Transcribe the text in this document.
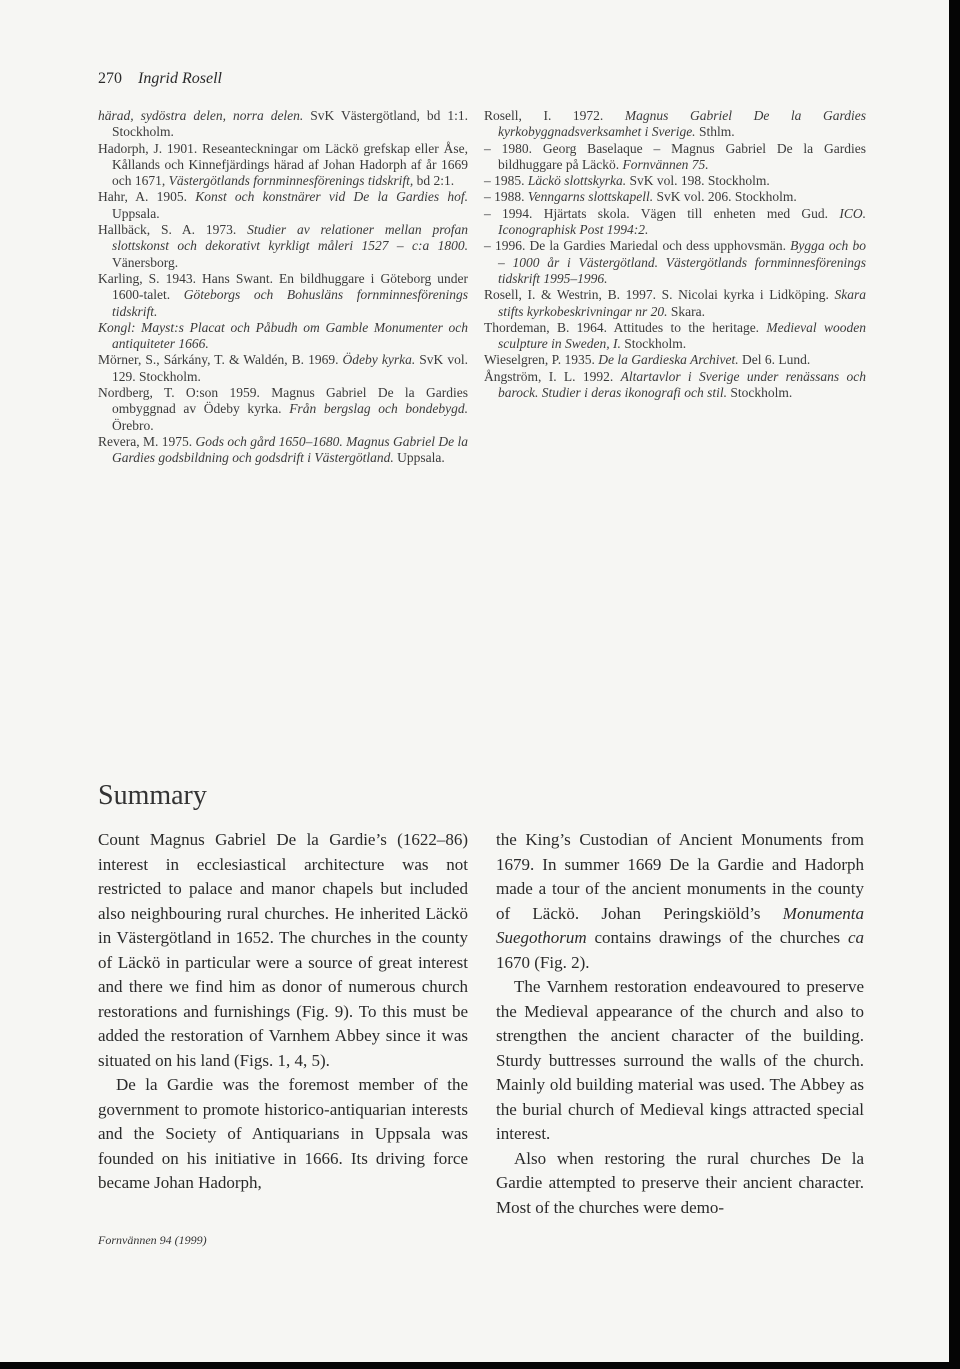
270 Ingrid Rosell
härad, sydöstra delen, norra delen. SvK Västergötland, bd 1:1. Stockholm.
Hadorph, J. 1901. Reseanteckningar om Läckö grefskap eller Åse, Kållands och Kinnefjärdings härad af Johan Hadorph af år 1669 och 1671, Västergötlands fornminnesförenings tidskrift, bd 2:1.
Hahr, A. 1905. Konst och konstnärer vid De la Gardies hof. Uppsala.
Hallbäck, S. A. 1973. Studier av relationer mellan profan slottskonst och dekorativt kyrkligt måleri 1527 – c:a 1800. Vänersborg.
Karling, S. 1943. Hans Swant. En bildhuggare i Göteborg under 1600-talet. Göteborgs och Bohusläns fornminnesförenings tidskrift.
Kongl: Mayst:s Placat och Påbudh om Gamble Monumenter och antiquiteter 1666.
Mörner, S., Sárkány, T. & Waldén, B. 1969. Ödeby kyrka. SvK vol. 129. Stockholm.
Nordberg, T. O:son 1959. Magnus Gabriel De la Gardies ombyggnad av Ödeby kyrka. Från bergslag och bondebygd. Örebro.
Revera, M. 1975. Gods och gård 1650–1680. Magnus Gabriel De la Gardies godsbildning och godsdrift i Västergötland. Uppsala.
Rosell, I. 1972. Magnus Gabriel De la Gardies kyrkobyggnadsverksamhet i Sverige. Sthlm.
– 1980. Georg Baselaque – Magnus Gabriel De la Gardies bildhuggare på Läckö. Fornvännen 75.
– 1985. Läckö slottskyrka. SvK vol. 198. Stockholm.
– 1988. Venngarns slottskapell. SvK vol. 206. Stockholm.
– 1994. Hjärtats skola. Vägen till enheten med Gud. ICO. Iconographisk Post 1994:2.
– 1996. De la Gardies Mariedal och dess upphovsmän. Bygga och bo – 1000 år i Västergötland. Västergötlands fornminnesförenings tidskrift 1995–1996.
Rosell, I. & Westrin, B. 1997. S. Nicolai kyrka i Lidköping. Skara stifts kyrkobeskrivningar nr 20. Skara.
Thordeman, B. 1964. Attitudes to the heritage. Medieval wooden sculpture in Sweden, I. Stockholm.
Wieselgren, P. 1935. De la Gardieska Archivet. Del 6. Lund.
Ångström, I. L. 1992. Altartavlor i Sverige under renässans och barock. Studier i deras ikonografi och stil. Stockholm.
Summary

Count Magnus Gabriel De la Gardie’s (1622–86) interest in ecclesiastical architecture was not restricted to palace and manor chapels but included also neighbouring rural churches. He inherited Läckö in Västergötland in 1652. The churches in the county of Läckö in particular were a source of great interest and there we find him as donor of numerous church restorations and furnishings (Fig. 9). To this must be added the restoration of Varnhem Abbey since it was situated on his land (Figs. 1, 4, 5).

De la Gardie was the foremost member of the government to promote historico-antiquarian interests and the Society of Antiquarians in Uppsala was founded on his initiative in 1666. Its driving force became Johan Hadorph,

the King’s Custodian of Ancient Monuments from 1679. In summer 1669 De la Gardie and Hadorph made a tour of the ancient monuments in the county of Läckö. Johan Peringskiöld’s Monumenta Suegothorum contains drawings of the churches ca 1670 (Fig. 2).

The Varnhem restoration endeavoured to preserve the Medieval appearance of the church and also to strengthen the ancient character of the building. Sturdy buttresses surround the walls of the church. Mainly old building material was used. The Abbey as the burial church of Medieval kings attracted special interest.

Also when restoring the rural churches De la Gardie attempted to preserve their ancient character. Most of the churches were demo-

Fornvännen 94 (1999)
